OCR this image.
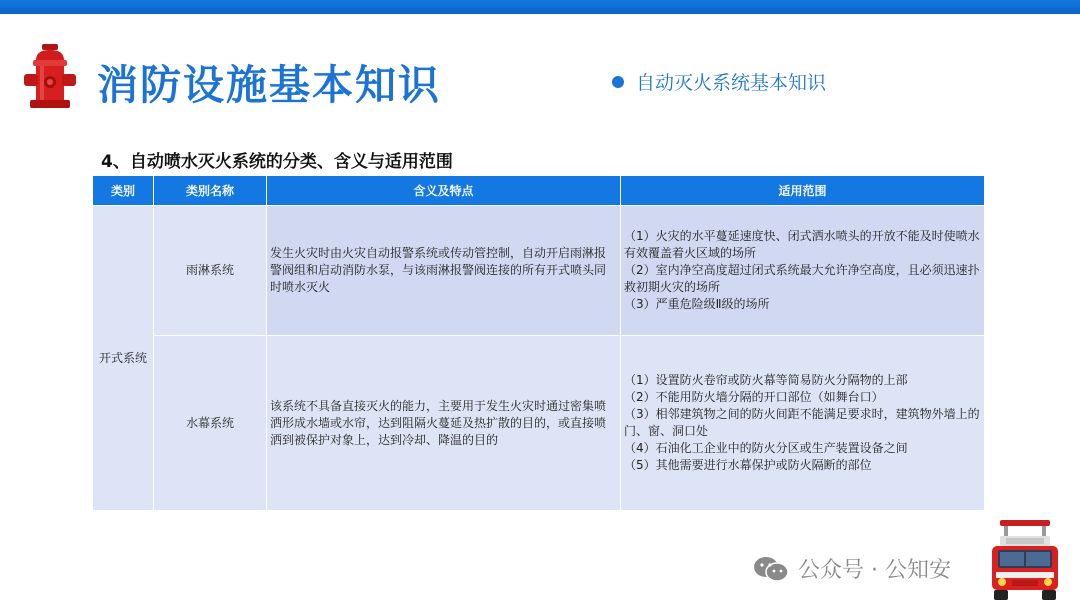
消防设施基本知识	自动灭火系统基本知识
4、自动喷水灭火系统的分类、含义与适用范围
类别	类别名称	含义及特点	适用范围
开式系统	雨淋系统	发生火灾时由火灾自动报警系统或传动管控制，自动开启雨淋报警阀组和启动消防水泵，与该雨淋报警阀连接的所有开式喷头同时喷水灭火	（1）火灾的水平蔓延速度快、闭式洒水喷头的开放不能及时使喷水有效覆盖着火区域的场所
（2）室内净空高度超过闭式系统最大允许净空高度，且必须迅速扑救初期火灾的场所
（3）严重危险级Ⅱ级的场所

	水幕系统	该系统不具备直接灭火的能力，主要用于发生火灾时通过密集喷洒形成水墙或水帘，达到阻隔火蔓延及热扩散的目的，或直接喷洒到被保护对象上，达到冷却、降温的目的	（1）设置防火卷帘或防火幕等简易防火分隔物的上部
（2）不能用防火墙分隔的开口部位（如舞台口）
（3）相邻建筑物之间的防火间距不能满足要求时，建筑物外墙上的门、窗、洞口处
（4）石油化工企业中的防火分区或生产装置设备之间
（5）其他需要进行水幕保护或防火隔断的部位
公众号 · 公知安
